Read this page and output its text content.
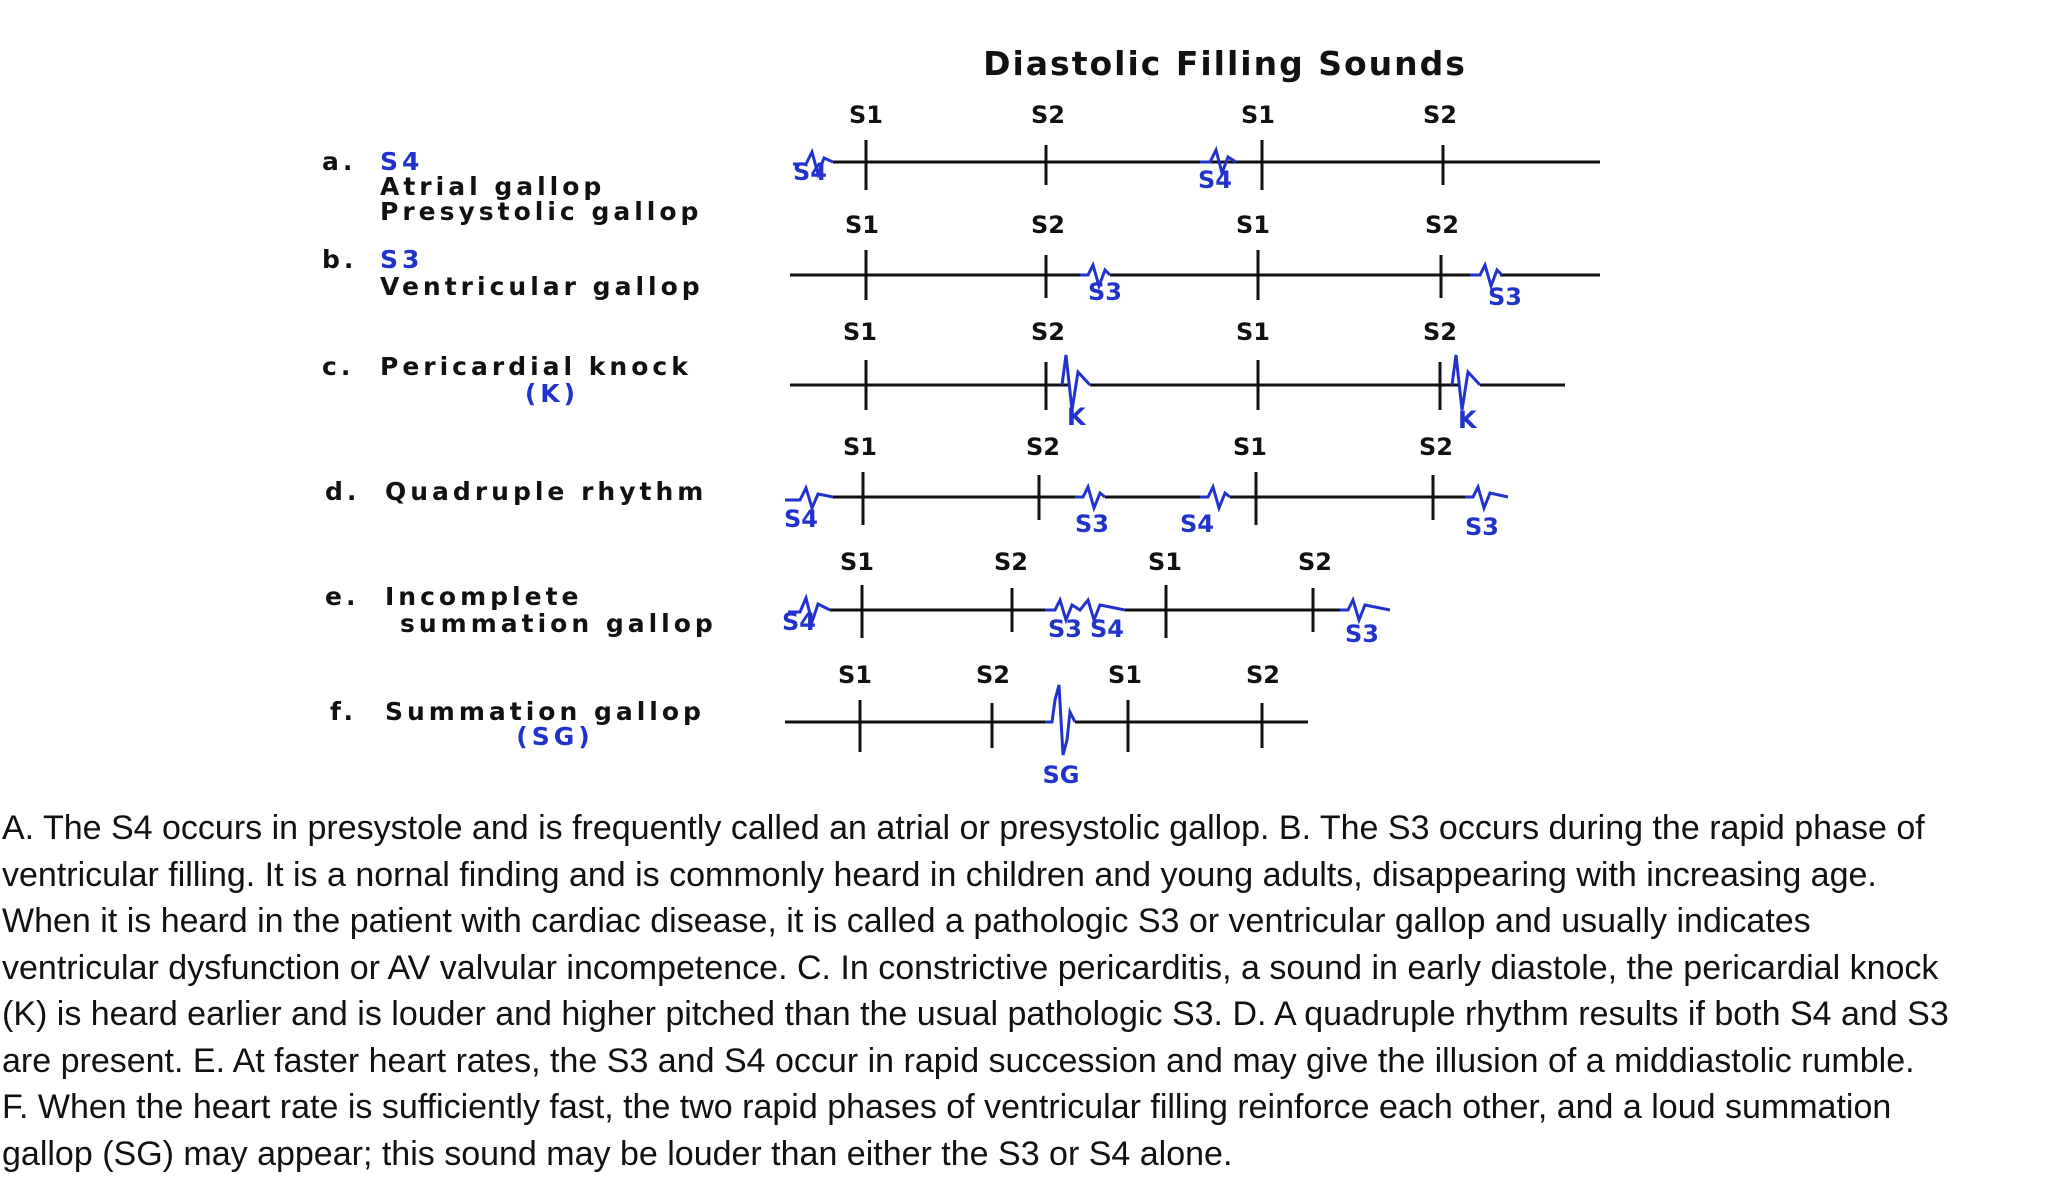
Diastolic Filling Sounds
a. S4
Atrial gallop
Presystolic gallop
S1	S2	S1	S2
S4	S4
b. S3
Ventricular gallop
S1	S2	S1	S2
S3	S3
c. Pericardial knock
(K)
S1	S2	S1	S2
K	K
d. Quadruple rhythm
S1	S2	S1	S2
S4	S3	S4	S3
e. Incomplete
summation gallop
S1	S2	S1	S2
S4	S3 S4	S3
f. Summation gallop
(SG)
S1	S2	S1	S2
SG
A. The S4 occurs in presystole and is frequently called an atrial or presystolic gallop. B. The S3 occurs during the rapid phase of
ventricular filling. It is a nornal finding and is commonly heard in children and young adults, disappearing with increasing age.
When it is heard in the patient with cardiac disease, it is called a pathologic S3 or ventricular gallop and usually indicates
ventricular dysfunction or AV valvular incompetence. C. In constrictive pericarditis, a sound in early diastole, the pericardial knock
(K) is heard earlier and is louder and higher pitched than the usual pathologic S3. D. A quadruple rhythm results if both S4 and S3
are present. E. At faster heart rates, the S3 and S4 occur in rapid succession and may give the illusion of a middiastolic rumble.
F. When the heart rate is sufficiently fast, the two rapid phases of ventricular filling reinforce each other, and a loud summation
gallop (SG) may appear; this sound may be louder than either the S3 or S4 alone.
